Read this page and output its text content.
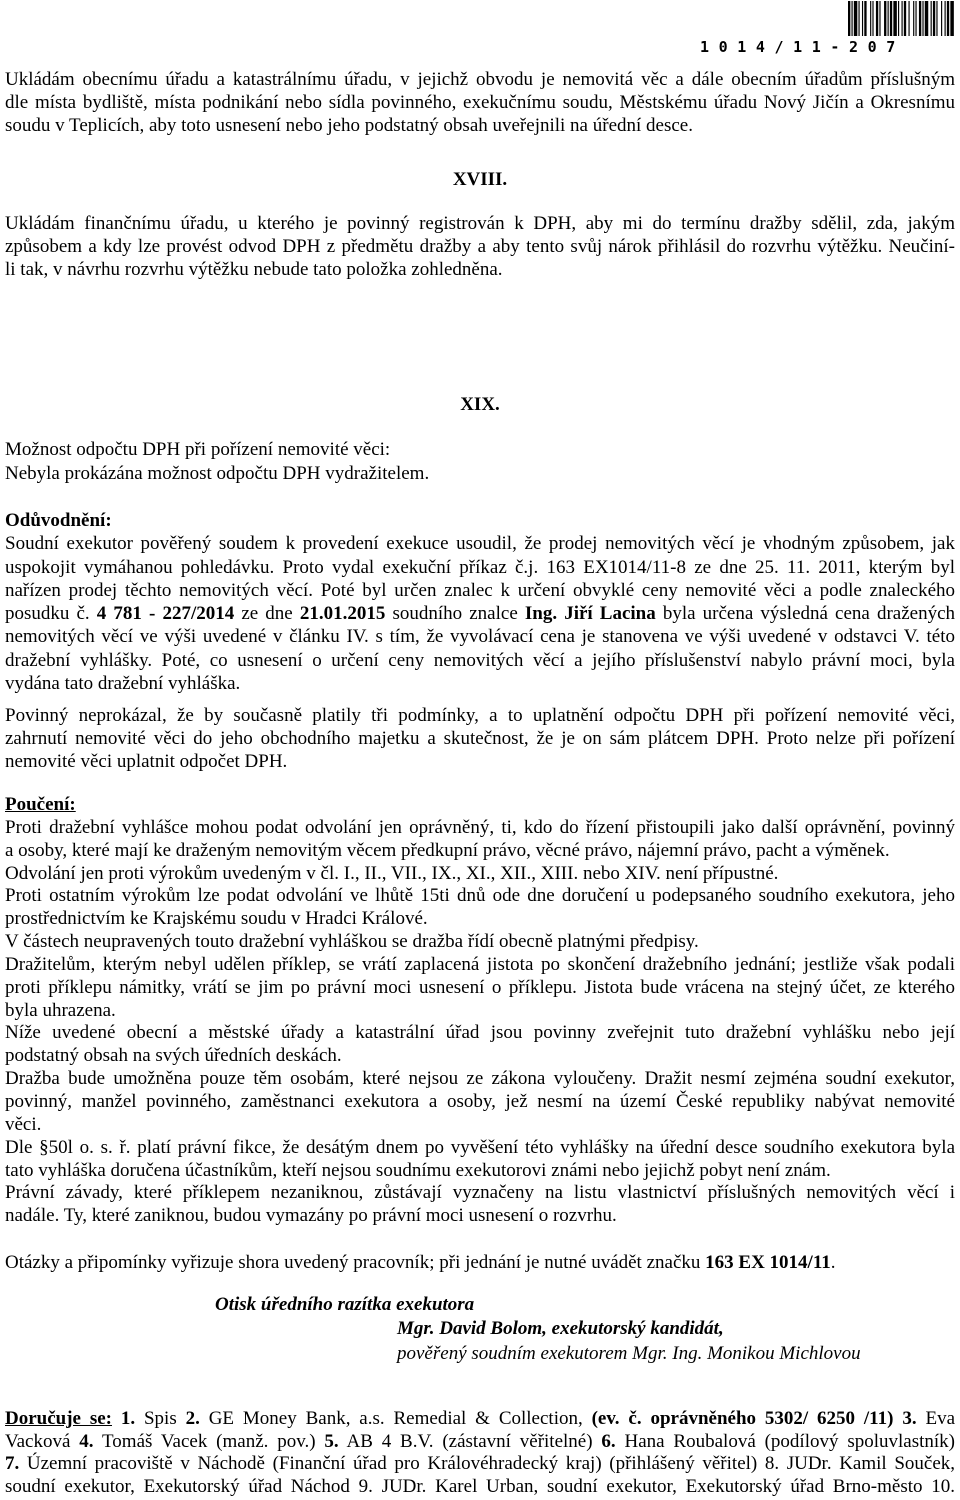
1014/11-207
Ukládám obecnímu úřadu a katastrálnímu úřadu, v jejichž obvodu je nemovitá věc a dále obecním úřadům příslušným
dle místa bydliště, místa podnikání nebo sídla povinného, exekučnímu soudu, Městskému úřadu Nový Jičín a Okresnímu
soudu v Teplicích, aby toto usnesení nebo jeho podstatný obsah uveřejnili na úřední desce.
XVIII.
Ukládám finančnímu úřadu, u kterého je povinný registrován k DPH, aby mi do termínu dražby sdělil, zda, jakým
způsobem a kdy lze provést odvod DPH z předmětu dražby a aby tento svůj nárok přihlásil do rozvrhu výtěžku. Neučiní-
li tak, v návrhu rozvrhu výtěžku nebude tato položka zohledněna.
XIX.
Možnost odpočtu DPH při pořízení nemovité věci:
Nebyla prokázána možnost odpočtu DPH vydražitelem.
Odůvodnění:
Soudní exekutor pověřený soudem k provedení exekuce usoudil, že prodej nemovitých věcí je vhodným způsobem, jak
uspokojit vymáhanou pohledávku. Proto vydal exekuční příkaz č.j. 163 EX1014/11-8 ze dne 25. 11. 2011, kterým byl
nařízen prodej těchto nemovitých věcí. Poté byl určen znalec k určení obvyklé ceny nemovité věci a podle znaleckého
posudku č. 4 781 - 227/2014 ze dne 21.01.2015 soudního znalce Ing. Jiří Lacina byla určena výsledná cena dražených
nemovitých věcí ve výši uvedené v článku IV. s tím, že vyvolávací cena je stanovena ve výši uvedené v odstavci V. této
dražební vyhlášky. Poté, co usnesení o určení ceny nemovitých věcí a jejího příslušenství nabylo právní moci, byla
vydána tato dražební vyhláška.
Povinný neprokázal, že by současně platily tři podmínky, a to uplatnění odpočtu DPH při pořízení nemovité věci,
zahrnutí nemovité věci do jeho obchodního majetku a skutečnost, že je on sám plátcem DPH. Proto nelze při pořízení
nemovité věci uplatnit odpočet DPH.
Poučení:
Proti dražební vyhlášce mohou podat odvolání jen oprávněný, ti, kdo do řízení přistoupili jako další oprávnění, povinný
a osoby, které mají ke draženým nemovitým věcem předkupní právo, věcné právo, nájemní právo, pacht a výměnek.
Odvolání jen proti výrokům uvedeným v čl. I., II., VII., IX., XI., XII., XIII. nebo XIV. není přípustné.
Proti ostatním výrokům lze podat odvolání ve lhůtě 15ti dnů ode dne doručení u podepsaného soudního exekutora, jeho
prostřednictvím ke Krajskému soudu v Hradci Králové.
V částech neupravených touto dražební vyhláškou se dražba řídí obecně platnými předpisy.
Dražitelům, kterým nebyl udělen příklep, se vrátí zaplacená jistota po skončení dražebního jednání; jestliže však podali
proti příklepu námitky, vrátí se jim po právní moci usnesení o příklepu. Jistota bude vrácena na stejný účet, ze kterého
byla uhrazena.
Níže uvedené obecní a městské úřady a katastrální úřad jsou povinny zveřejnit tuto dražební vyhlášku nebo její
podstatný obsah na svých úředních deskách.
Dražba bude umožněna pouze těm osobám, které nejsou ze zákona vyloučeny. Dražit nesmí zejména soudní exekutor,
povinný, manžel povinného, zaměstnanci exekutora a osoby, jež nesmí na území České republiky nabývat nemovité
věci.
Dle §50l o. s. ř. platí právní fikce, že desátým dnem po vyvěšení této vyhlášky na úřední desce soudního exekutora byla
tato vyhláška doručena účastníkům, kteří nejsou soudnímu exekutorovi známi nebo jejichž pobyt není znám.
Právní závady, které příklepem nezaniknou, zůstávají vyznačeny na listu vlastnictví příslušných nemovitých věcí i
nadále. Ty, které zaniknou, budou vymazány po právní moci usnesení o rozvrhu.
Otázky a připomínky vyřizuje shora uvedený pracovník; při jednání je nutné uvádět značku 163 EX 1014/11.
Otisk úředního razítka exekutora
Mgr. David Bolom, exekutorský kandidát,
pověřený soudním exekutorem Mgr. Ing. Monikou Michlovou
Doručuje se: 1. Spis 2. GE Money Bank, a.s. Remedial & Collection, (ev. č. oprávněného 5302/ 6250 /11) 3. Eva
Vacková 4. Tomáš Vacek (manž. pov.) 5. AB 4 B.V. (zástavní věřitelné) 6. Hana Roubalová (podílový spoluvlastník)
7. Územní pracoviště v Náchodě (Finanční úřad pro Královéhradecký kraj) (přihlášený věřitel) 8. JUDr. Kamil Souček,
soudní exekutor, Exekutorský úřad Náchod 9. JUDr. Karel Urban, soudní exekutor, Exekutorský úřad Brno-město 10.
